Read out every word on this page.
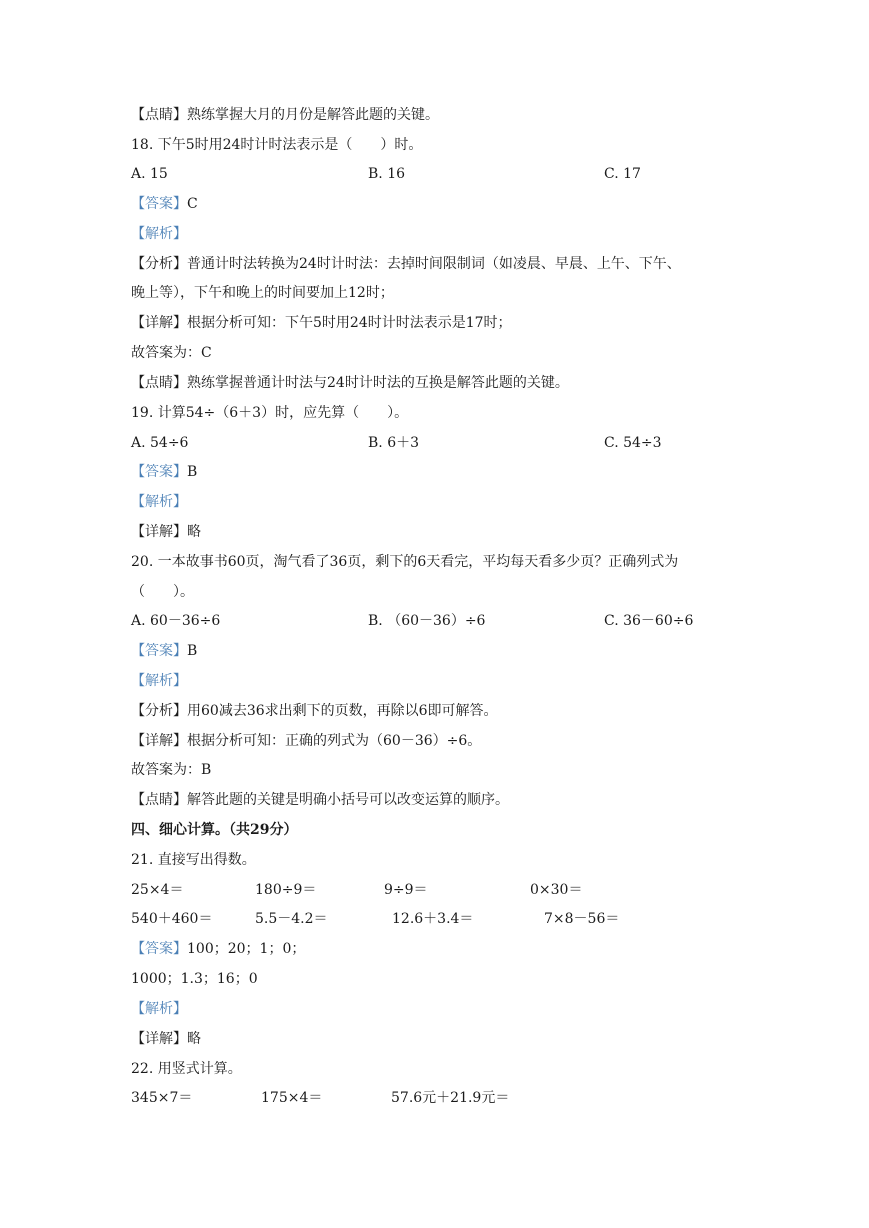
【点睛】熟练掌握大月的月份是解答此题的关键。
18. 下午5时用24时计时法表示是（　　）时。
A. 15	B. 16	C. 17
【答案】C
【解析】
【分析】普通计时法转换为24时计时法：去掉时间限制词（如凌晨、早晨、上午、下午、
晚上等），下午和晚上的时间要加上12时；
【详解】根据分析可知：下午5时用24时计时法表示是17时；
故答案为：C
【点睛】熟练掌握普通计时法与24时计时法的互换是解答此题的关键。
19. 计算54÷（6＋3）时，应先算（　　）。
A. 54÷6	B. 6＋3	C. 54÷3
【答案】B
【解析】
【详解】略
20. 一本故事书60页，淘气看了36页，剩下的6天看完，平均每天看多少页？正确列式为
（　　）。
A. 60－36÷6	B. （60－36）÷6	C. 36－60÷6
【答案】B
【解析】
【分析】用60减去36求出剩下的页数，再除以6即可解答。
【详解】根据分析可知：正确的列式为（60－36）÷6。
故答案为：B
【点睛】解答此题的关键是明确小括号可以改变运算的顺序。
四、细心计算。（共29分）
21. 直接写出得数。
25×4＝	180÷9＝	9÷9＝	0×30＝
540＋460＝	5.5－4.2＝	12.6＋3.4＝	7×8－56＝
【答案】100；20；1；0；
1000；1.3；16；0
【解析】
【详解】略
22. 用竖式计算。
345×7＝	175×4＝	57.6元＋21.9元＝
